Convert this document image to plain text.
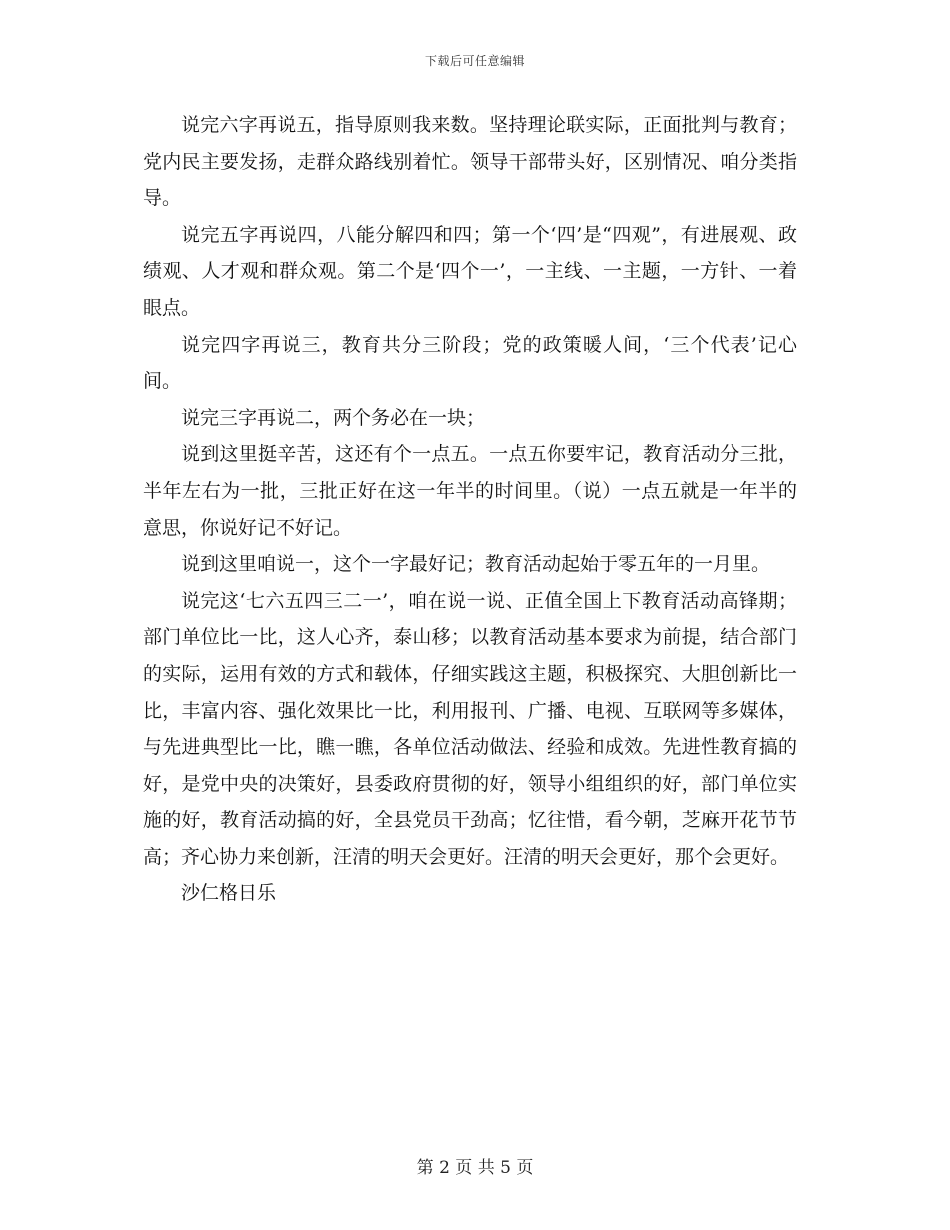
下载后可任意编辑

说完六字再说五，指导原则我来数。坚持理论联实际，正面批判与教育；党内民主要发扬，走群众路线别着忙。领导干部带头好，区别情况、咱分类指导。

说完五字再说四，八能分解四和四；第一个‘四’是“四观”，有进展观、政绩观、人才观和群众观。第二个是‘四个一’，一主线、一主题，一方针、一着眼点。

说完四字再说三，教育共分三阶段；党的政策暖人间，‘三个代表’记心间。

说完三字再说二，两个务必在一块；

说到这里挺辛苦，这还有个一点五。一点五你要牢记，教育活动分三批，半年左右为一批，三批正好在这一年半的时间里。（说）一点五就是一年半的意思，你说好记不好记。

说到这里咱说一，这个一字最好记；教育活动起始于零五年的一月里。

说完这‘七六五四三二一’，咱在说一说、正值全国上下教育活动高锋期；部门单位比一比，这人心齐，泰山移；以教育活动基本要求为前提，结合部门的实际，运用有效的方式和载体，仔细实践这主题，积极探究、大胆创新比一比，丰富内容、强化效果比一比，利用报刊、广播、电视、互联网等多媒体，与先进典型比一比，瞧一瞧，各单位活动做法、经验和成效。先进性教育搞的好，是党中央的决策好，县委政府贯彻的好，领导小组组织的好，部门单位实施的好，教育活动搞的好，全县党员干劲高；忆往惜，看今朝，芝麻开花节节高；齐心协力来创新，汪清的明天会更好。汪清的明天会更好，那个会更好。

沙仁格日乐

第 2 页 共 5 页
